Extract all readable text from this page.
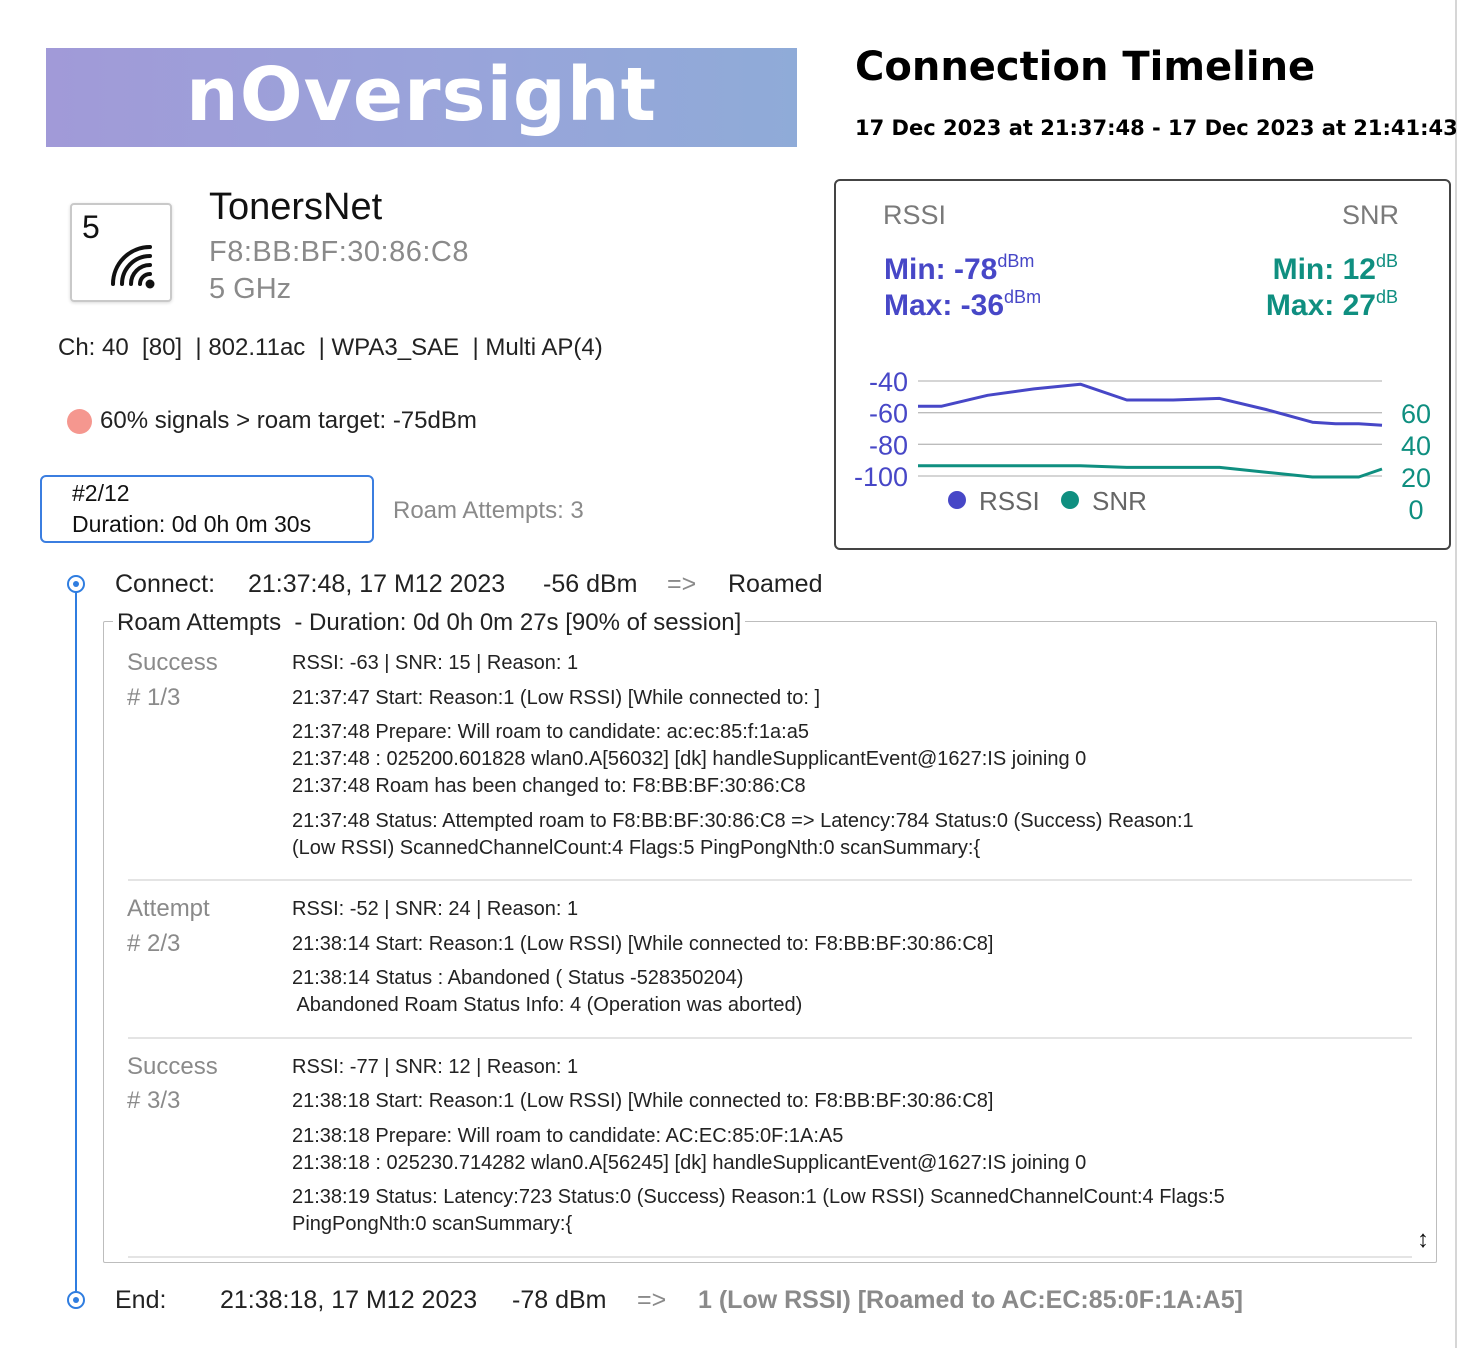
nOversight	Connection Timeline
17 Dec 2023 at 21:37:48 - 17 Dec 2023 at 21:41:43
5	TonersNet
F8:BB:BF:30:86:C8
5 GHz
Ch: 40  [80]  | 802.11ac  | WPA3_SAE  | Multi AP(4)
60% signals > roam target: -75dBm
#2/12
Duration: 0d 0h 0m 30s	Roam Attempts: 3
RSSI	SNR
Min: $-78^{dBm}$
Max: $-36^{dBm}$
Min: $12^{dB}$
Max: $27^{dB}$
-40
-60
-80
-100
60
40
20
0
RSSI SNR
Connect: 21:37:48, 17 M12 2023 -56 dBm => Roamed
Roam Attempts  - Duration: 0d 0h 0m 27s [90% of session]
Success
# 1/3
RSSI: -63 | SNR: 15 | Reason: 1
21:37:47 Start: Reason:1 (Low RSSI) [While connected to: ]
21:37:48 Prepare: Will roam to candidate: ac:ec:85:f:1a:a5
21:37:48 : 025200.601828 wlan0.A[56032] [dk] handleSupplicantEvent@1627:IS joining 0
21:37:48 Roam has been changed to: F8:BB:BF:30:86:C8
21:37:48 Status: Attempted roam to F8:BB:BF:30:86:C8 => Latency:784 Status:0 (Success) Reason:1
(Low RSSI) ScannedChannelCount:4 Flags:5 PingPongNth:0 scanSummary:{
Attempt
# 2/3
RSSI: -52 | SNR: 24 | Reason: 1
21:38:14 Start: Reason:1 (Low RSSI) [While connected to: F8:BB:BF:30:86:C8]
21:38:14 Status : Abandoned ( Status -528350204)
Abandoned Roam Status Info: 4 (Operation was aborted)
Success
# 3/3
RSSI: -77 | SNR: 12 | Reason: 1
21:38:18 Start: Reason:1 (Low RSSI) [While connected to: F8:BB:BF:30:86:C8]
21:38:18 Prepare: Will roam to candidate: AC:EC:85:0F:1A:A5
21:38:18 : 025230.714282 wlan0.A[56245] [dk] handleSupplicantEvent@1627:IS joining 0
21:38:19 Status: Latency:723 Status:0 (Success) Reason:1 (Low RSSI) ScannedChannelCount:4 Flags:5
PingPongNth:0 scanSummary:{
↕
End: 21:38:18, 17 M12 2023 -78 dBm => 1 (Low RSSI) [Roamed to AC:EC:85:0F:1A:A5]
